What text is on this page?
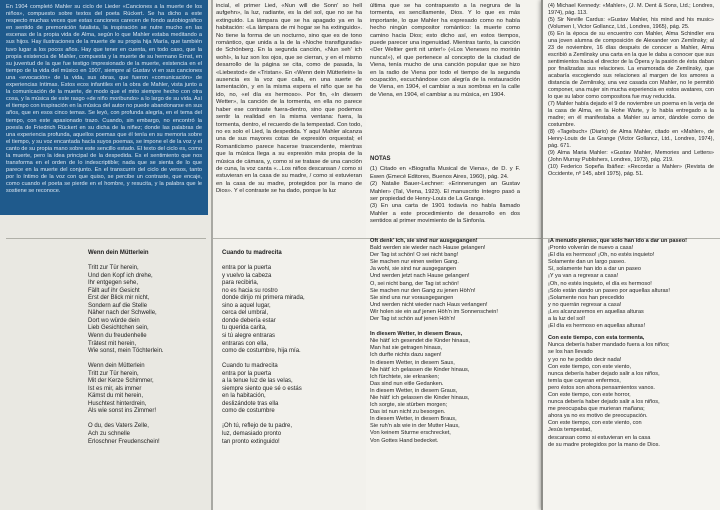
En 1904 completó Mahler su ciclo de Lieder «Canciones a la muerte de los niños», compuesto sobre textos del poeta Rückert. Se ha dicho a este respecto muchas veces que estas canciones carecen de fondo autobiográfico en sentido de premonición fatalista, la inspiración se nutre mucho en las escenas de la propia vida de Alma, según lo que Mahler estaba meditando a sus hijos. Hay ilustraciones de la muerte de su propia hija María, que también tuvo lugar a los pocos años. Hay que tener en cuenta, en todo caso, que la propia existencia de Mahler, compuesta y la muerte de su hermano Ernst, en su juventud de la que fue testigo impresionado de la muerte, existencia en el tiempo de la vida del músico en 1907, siempre al Gustav vi en sus canciones una «evocación» de la vida, sus obras, que fueron «comunicación» de experiencias íntimas. Estos ecos infantiles en la obra de Mahler, vista junto a la comunicación de la muerte, de modo que el mito siempre hecho con otra cosa, y la música de este rasgo «de niño moribundo» a lo largo de su vida. Así el tiempo con inspiración en la música del autor no puede abandonarse en sus años, que en esos cinco temas. Se leyó, con profunda alegría, en el tema del tiempo, con este apasionado trazo. Cuando, sin embargo, no encontró la poesía de Friedrich Rückert en su dicha de la niñez; donde las palabras de una experiencia profunda, aquellos poemas que él tenía en su memoria sobre el tiempo, y su voz encantada hacía suyos poemas, se impone el de la voz y el canto de su propia mano sobre este sencillo estado. El texto del ciclo es, como la muerte, pero la idea principal de la despedida. Es el sentimiento que nos transforma en el orden de lo indescriptible; nada que se sienta de lo que parece en la muerte del conjunto. En el transcurrir del ciclo de versos, tanto por lo íntimo de la voz con que quiso, se percibe un contraste, que encaje, como cuando el poeta se pierde en el hombre, y resucita, y la palabra que le sostiene se reconoce.
Wenn dein Mütterlein
Tritt zur Tür herein,
Und den Kopf ich drehe,
Ihr entgegen sehe,
Fällt auf ihr Gesicht
Erst der Blick mir nicht,
Sondern auf die Stelle
Näher nach der Schwelle,
Dort wo würde dein
Lieb Gesichtchen sein,
Wenn du freudenhelle
Trätest mit herein,
Wie sonst, mein Töchterlein.
Wenn dein Mütterlein
Tritt zur Tür herein,
Mit der Kerze Schimmer,
Ist es mir, als immer
Kämst du mit herein,
Huschtest hinterdrein,
Als wie sonst ins Zimmer!
O du, des Vaters Zelle,
Ach zu schnelle
Erloschner Freudenschein!

incial, el primer Lied, «Nun will die Sonn' so hell aufgehn», la luz, radiante, es la del sol, que no se ha extinguido. La lámpara que se ha apagado ya en la habitación: «La lámpara de mi hogar se ha extinguido». No tiene la forma de un nocturno, sino que es de tono romántico, que unida a la de la «Noche transfigurada» de Schönberg. En la segunda canción, «Nun seh' ich wohl», la luz son los ojos, que se cierran, y en el mismo desarrollo de la página se cita, como de pasada, la «Liebestod» de «Tristan». En «Wenn dein Mütterlein» la ausencia es la voz que calla, en una suerte de lamentación, y en la misma espera el niño que se ha ido, no, «el día es hermoso». Por fin, «In diesem Wetter», la canción de la tormenta, en ella no parece haber ese contraste fuera-dentro, sino que podemos sentir la realidad en la misma ventana: fuera, la tormenta, dentro, el recuerdo de la tempestad. Con todo, no es solo el Lied, la despedida. Y aquí Mahler alcanza una de sus mayores cotas de expresión orquestal; el Romanticismo parece hacerse trascendente, mientras que la música llega a su expresión más propia de la música de cámara, y, como si se tratase de una canción de cuna, la voz canta «...Los niños descansan / como si estuvieran en la casa de su madre, / como si estuvieran en la casa de su madre, protegidos por la mano de Dios». Y el contraste se ha dado, porque la luz

Cuando tu madrecita
entra por la puerta
y vuelvo la cabeza
para recibirla,
no es hacia su rostro
donde dirijo mi primera mirada,
sino a aquel lugar,
cerca del umbral,
donde debería estar
tu querida carita,
si tú alegre entraras
entraras con ella,
como de costumbre, hija mía.
Cuando tu madrecita
entra por la puerta
a la tenue luz de las velas,
siempre siento que sé o estás
en la habitación,
deslizándote tras ella
como de costumbre
¡Oh tú, reflejo de tu padre,
luz, demasiado pronto
tan pronto extinguido!

última que se ha contrapuesto a la negrura de la tormenta, es sencillamente, Dios. Y lo que es más importante, lo que Mahler ha expresado como no había hecho ningún compositor romántico: la muerte como camino hacia Dios; esto dicho así, en estos tiempos, puede parecer una ingenuidad. Mientras tanto, la canción «Der Weltier gerit nit unter!» («Los Vieneses no morirán nunca!»), el que pertenece al concepto de la ciudad de Viena, tenía mucho de una canción popular que se hizo en la radio de Viena por todo el tiempo de la segunda ocupación, escuchándose con alegría de la restauración de Viena, en 1904, el cambiar a sus sombras en la calle de Viena, en 1904, el cambiar a su música, en 1904.

NOTAS

(1) Citado en «Biografía Musical de Viena», de D. y F. Ewen (Emecé Editores, Buenos Aires, 1960), pág. 24.

(2) Natalie Bauer-Lechner: «Erinnerungen an Gustav Mahler» (Tal, Viena, 1923). El manuscrito íntegro pasó a ser propiedad de Henry-Louis de La Grange.

(3) En una carta de 1901 todavía no había llamado Mahler a este procedimiento de desarrollo en dos sentidos al primer movimiento de la Sinfonía.

Oft denk' ich, sie sind nur ausgegangen!
Bald werden sie wieder nach Hause gelangen!
Der Tag ist schön! O sei nicht bang!
Sie machen nur einen weiten Gang.
Ja wohl, sie sind nur ausgegangen
Und werden jetzt nach Hause gelangen!
O, sei nicht bang, der Tag ist schön!
Sie machen nur den Gang zu jenen Höh'n!
Sie sind uns nur vorausgegangen
Und werden nicht wieder nach Haus verlangen!
Wir holen sie ein auf jenen Höh'n im Sonnenschein!
Der Tag ist schön auf jenen Höh'n!
In diesem Wetter, in diesem Braus,
Nie hätt' ich gesendet die Kinder hinaus,
Man hat sie getragen hinaus,
Ich durfte nichts dazu sagen!
In diesem Wetter, in diesem Saus,
Nie hätt' ich gelassen die Kinder hinaus,
Ich fürchtete, sie erkranken;
Das sind nun eitle Gedanken.
In diesem Wetter, in diesem Graus,
Nie hätt' ich gelassen die Kinder hinaus,
Ich sorgte, sie stürben morgen;
Das ist nun nicht zu besorgen.
In diesem Wetter, in diesem Braus,
Sie ruh'n als wie in der Mutter Haus,
Von keinem Sturme erschrecket,
Von Gottes Hand bedecket.

(4) Michael Kennedy: «Mahler», (J. M. Dent & Sons, Ltd.; Londres, 1974), pág. 113.

(5) Sir Neville Cardus: «Gustav Mahler, his mind and his music» (Volumen I, Victor Gollancz, Ltd., Londres, 1965), pág. 25.

(6) En la época de su encuentro con Mahler, Alma Schindler era una joven alumna de composición de Alexander von Zemlinsky; al 23 de noviembre, 16 días después de conocer a Mahler, Alma escribió a Zemlinsky una carta en la que le daba a conocer que sus sentimientos hacia el director de la Ópera y la pasión de ésta daban por finalizadas sus relaciones. La enamorada de Zemlinsky, que acabaría escogiendo sus relaciones al margen de los amores a distancia de Zemlinsky, una vez casada con Mahler, no le permitió componer, una mujer sin mucha experiencia en estos avatares, con lo que su labor como compositora fue muy reducida.

(7) Mahler había dejado el 9 de noviembre un poema en la verja de la casa de Alma, en la Hohe Warte, y lo había entregado a la madre; en él manifestaba a Mahler su amor, dándole como de costumbre.

(8) «Tagebuch» (Diario) de Alma Mahler, citado en «Mahler», de Henry-Louis de La Grange (Victor Gollancz, Ltd., Londres, 1974), pág. 671.

(9) Alma Maria Mahler: «Gustav Mahler, Memories and Letters» (John Murray Publishers, Londres, 1973), pág. 219.

(10) Federico Sopeña Ibáñez: «Recordar a Mahler» (Revista de Occidente, nº 145, abril 1975), pág. 51.

¡A menudo pienso, que sólo han ido a dar un paseo!
¡Pronto volverán de nuevo a casa!
¡El día es hermoso! ¡Oh, no estés inquieto!
Solamente dan un largo paseo.
Sí, solamente han ido a dar un paseo
¡Y ya van a regresar a casa!
¡Oh, no estés inquieto, el día es hermoso!
¡Sólo están dando un paseo por aquellas alturas!
¡Solamente nos han precedido
y no querrán regresar a casa!
¡Les alcanzaremos en aquellas alturas
a la luz del sol!
¡El día es hermoso en aquellas alturas!
Con este tiempo, con esta tormenta,
Nunca debería haber mandado fuera a los niños;
se los han llevado
y yo no he podido decir nada!
Con este tiempo, con este viento,
nunca debería haber dejado salir a los niños,
temía que cayeran enfermos,
pero éstos son ahora pensamientos vanos.
Con este tiempo, con este horror,
nunca debería haber dejado salir a los niños,
me preocupaba que murieran mañana;
ahora ya no es motivo de preocupación.
Con este tiempo, con este viento, con
Jesús tempestad,
descansan como si estuvieran en la casa
de su madre protegidos por la mano de Dios.
